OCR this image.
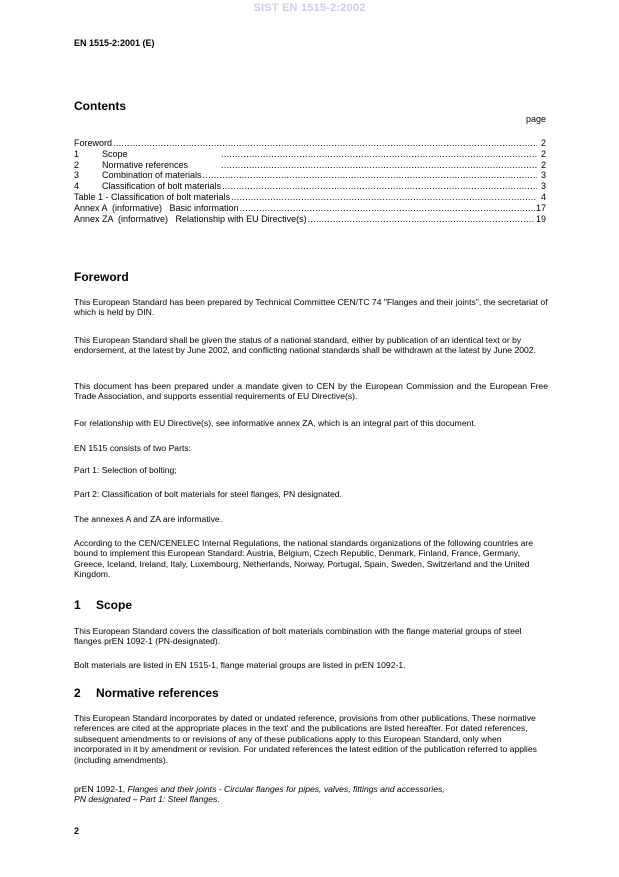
SIST EN 1515-2:2002
EN 1515-2:2001 (E)
Contents
page
Foreword .....	2
1	Scope .....	2
2	Normative references .....	2
3	Combination of materials .....	3
4	Classification of bolt materials .....	3
Table 1 - Classification of bolt materials .....	4
Annex A  (informative)   Basic information .....	17
Annex ZA  (informative)   Relationship with EU Directive(s) .....	19
Foreword

This European Standard has been prepared by Technical Committee CEN/TC 74 "Flanges and their joints", the secretariat of which is held by DIN.

This European Standard shall be given the status of a national standard, either by publication of an identical text or by endorsement, at the latest by June 2002, and conflicting national standards shall be withdrawn at the latest by June 2002.

This document has been prepared under a mandate given to CEN by the European Commission and the European Free Trade Association, and supports essential requirements of EU Directive(s).

For relationship with EU Directive(s), see informative annex ZA, which is an integral part of this document.

EN 1515 consists of two Parts:

Part 1: Selection of bolting;

Part 2: Classification of bolt materials for steel flanges, PN designated.

The annexes A and ZA are informative.

According to the CEN/CENELEC Internal Regulations, the national standards organizations of the following countries are bound to implement this European Standard: Austria, Belgium, Czech Republic, Denmark, Finland, France, Germany, Greece, Iceland, Ireland, Italy, Luxembourg, Netherlands, Norway, Portugal, Spain, Sweden, Switzerland and the United Kingdom.

1 Scope

This European Standard covers the classification of bolt materials combination with the flange material groups of steel flanges prEN 1092-1 (PN-designated).

Bolt materials are listed in EN 1515-1, flange material groups are listed in prEN 1092-1.

2 Normative references

This European Standard incorporates by dated or undated reference, provisions from other publications. These normative references are cited at the appropriate places in the text' and the publications are listed hereafter. For dated references, subsequent amendments to or revisions of any of these publications apply to this European Standard, only when incorporated in it by amendment or revision. For undated references the latest edition of the publication referred to applies (including amendments).

prEN 1092-1, Flanges and their joints - Circular flanges for pipes, valves, fittings and accessories,
PN designated – Part 1: Steel flanges.

2
